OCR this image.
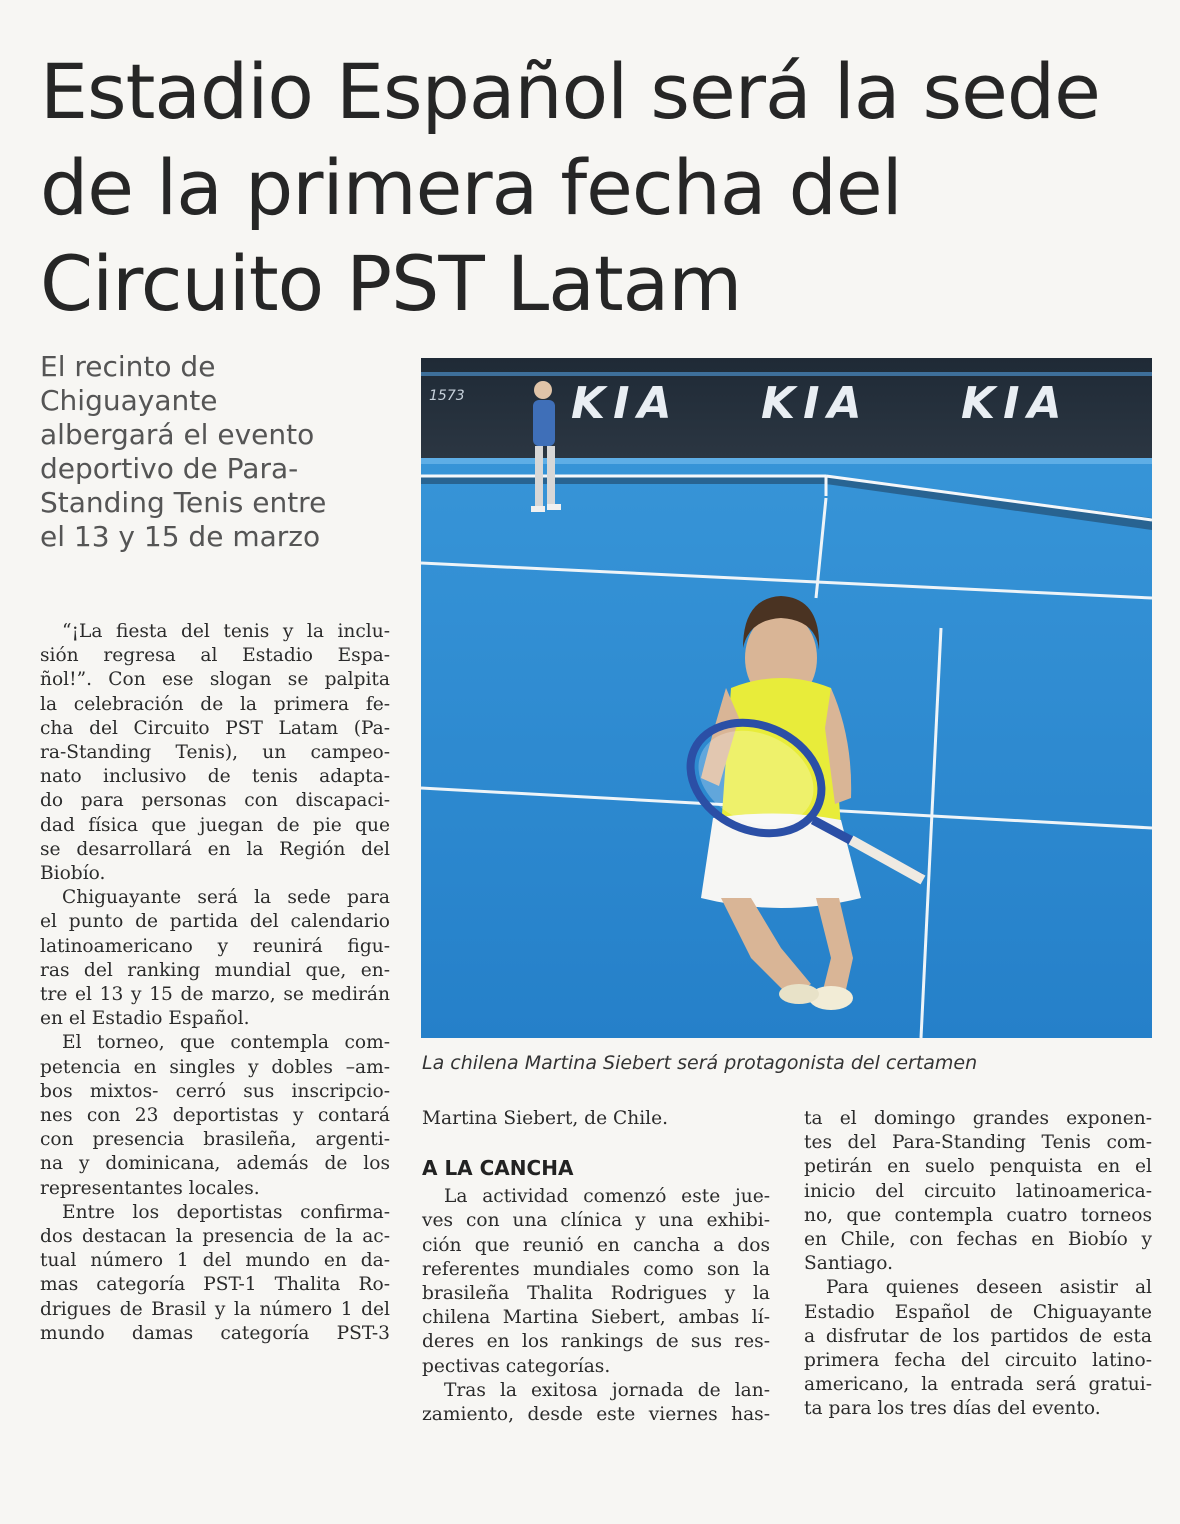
Estadio Español será la sede
de la primera fecha del
Circuito PST Latam

El recinto de
Chiguayante
albergará el evento
deportivo de Para-
Standing Tenis entre
el 13 y 15 de marzo

1573 KIA KIA KIA
La chilena Martina Siebert será protagonista del certamen
“¡La fiesta del tenis y la inclu-
sión regresa al Estadio Espa-
ñol!”. Con ese slogan se palpita
la celebración de la primera fe-
cha del Circuito PST Latam (Pa-
ra-Standing Tenis), un campeo-
nato inclusivo de tenis adapta-
do para personas con discapaci-
dad física que juegan de pie que
se desarrollará en la Región del
Biobío.
Chiguayante será la sede para
el punto de partida del calendario
latinoamericano y reunirá figu-
ras del ranking mundial que, en-
tre el 13 y 15 de marzo, se medirán
en el Estadio Español.
El torneo, que contempla com-
petencia en singles y dobles –am-
bos mixtos- cerró sus inscripcio-
nes con 23 deportistas y contará
con presencia brasileña, argenti-
na y dominicana, además de los
representantes locales.
Entre los deportistas confirma-
dos destacan la presencia de la ac-
tual número 1 del mundo en da-
mas categoría PST-1 Thalita Ro-
drigues de Brasil y la número 1 del
mundo damas categoría PST-3
Martina Siebert, de Chile.
A LA CANCHA
La actividad comenzó este jue-
ves con una clínica y una exhibi-
ción que reunió en cancha a dos
referentes mundiales como son la
brasileña Thalita Rodrigues y la
chilena Martina Siebert, ambas lí-
deres en los rankings de sus res-
pectivas categorías.
Tras la exitosa jornada de lan-
zamiento, desde este viernes has-
ta el domingo grandes exponen-
tes del Para-Standing Tenis com-
petirán en suelo penquista en el
inicio del circuito latinoamerica-
no, que contempla cuatro torneos
en Chile, con fechas en Biobío y
Santiago.
Para quienes deseen asistir al
Estadio Español de Chiguayante
a disfrutar de los partidos de esta
primera fecha del circuito latino-
americano, la entrada será gratui-
ta para los tres días del evento.
